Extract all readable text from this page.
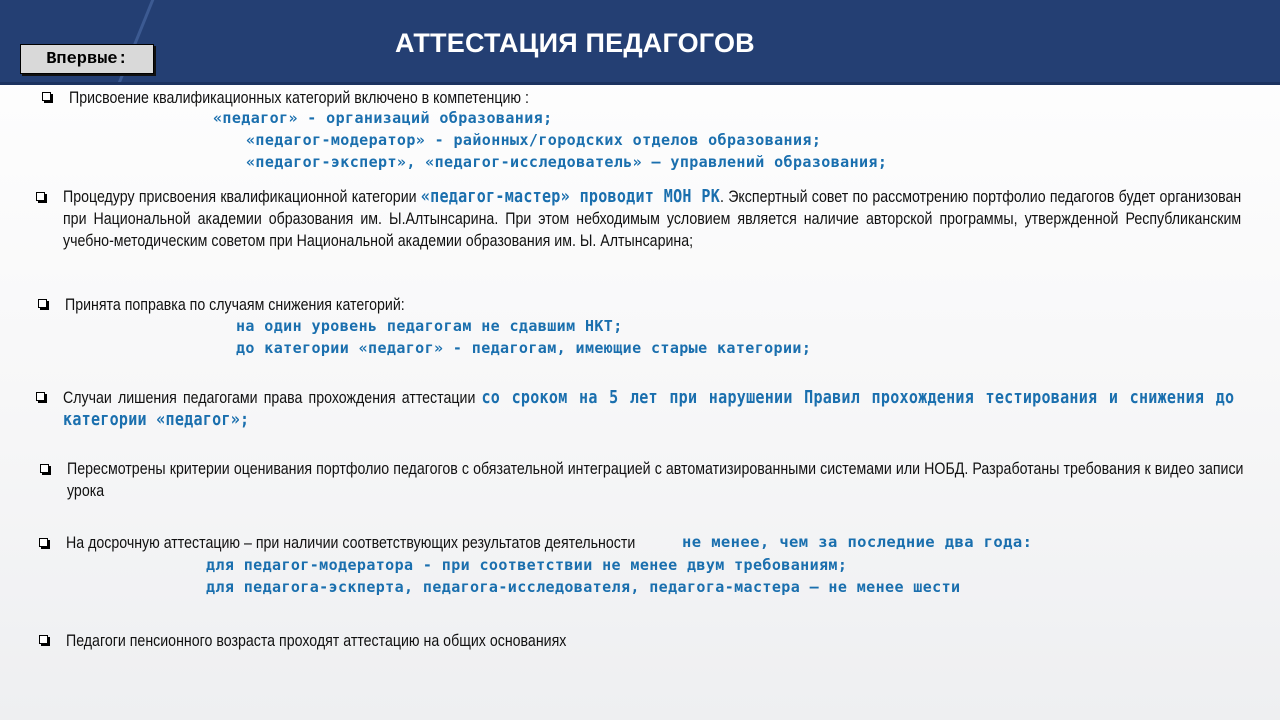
АТТЕСТАЦИЯ ПЕДАГОГОВ
Впервые:
Присвоение квалификационных категорий включено в компетенцию :
«педагог» - организаций образования;
«педагог-модератор» - районных/городских отделов образования;
«педагог-эксперт», «педагог-исследователь» – управлений образования;
Процедуру присвоения квалификационной категории «педагог-мастер» проводит МОН РК. Экспертный совет по рассмотрению портфолио педагогов будет организован при Национальной академии образования им. Ы.Алтынсарина. При этом небходимым условием является наличие авторской программы, утвержденной Республиканским учебно-методическим советом при Национальной академии образования им. Ы. Алтынсарина;
Принята поправка по случаям снижения категорий:
на один уровень педагогам не сдавшим НКТ;
до категории «педагог» - педагогам, имеющие старые категории;
Случаи лишения педагогами права прохождения аттестации со сроком на 5 лет при нарушении Правил прохождения тестирования и снижения до категории «педагог»;
Пересмотрены критерии оценивания портфолио педагогов с обязательной интеграцией с автоматизированными системами или НОБД. Разработаны требования к видео записи урока
На досрочную аттестацию – при наличии соответствующих результатов деятельности	не менее, чем за последние два года:
для педагог-модератора - при соответствии не менее двум требованиям;
для педагога-эскперта, педагога-исследователя, педагога-мастера – не менее шести
Педагоги пенсионного возраста проходят аттестацию на общих основаниях
